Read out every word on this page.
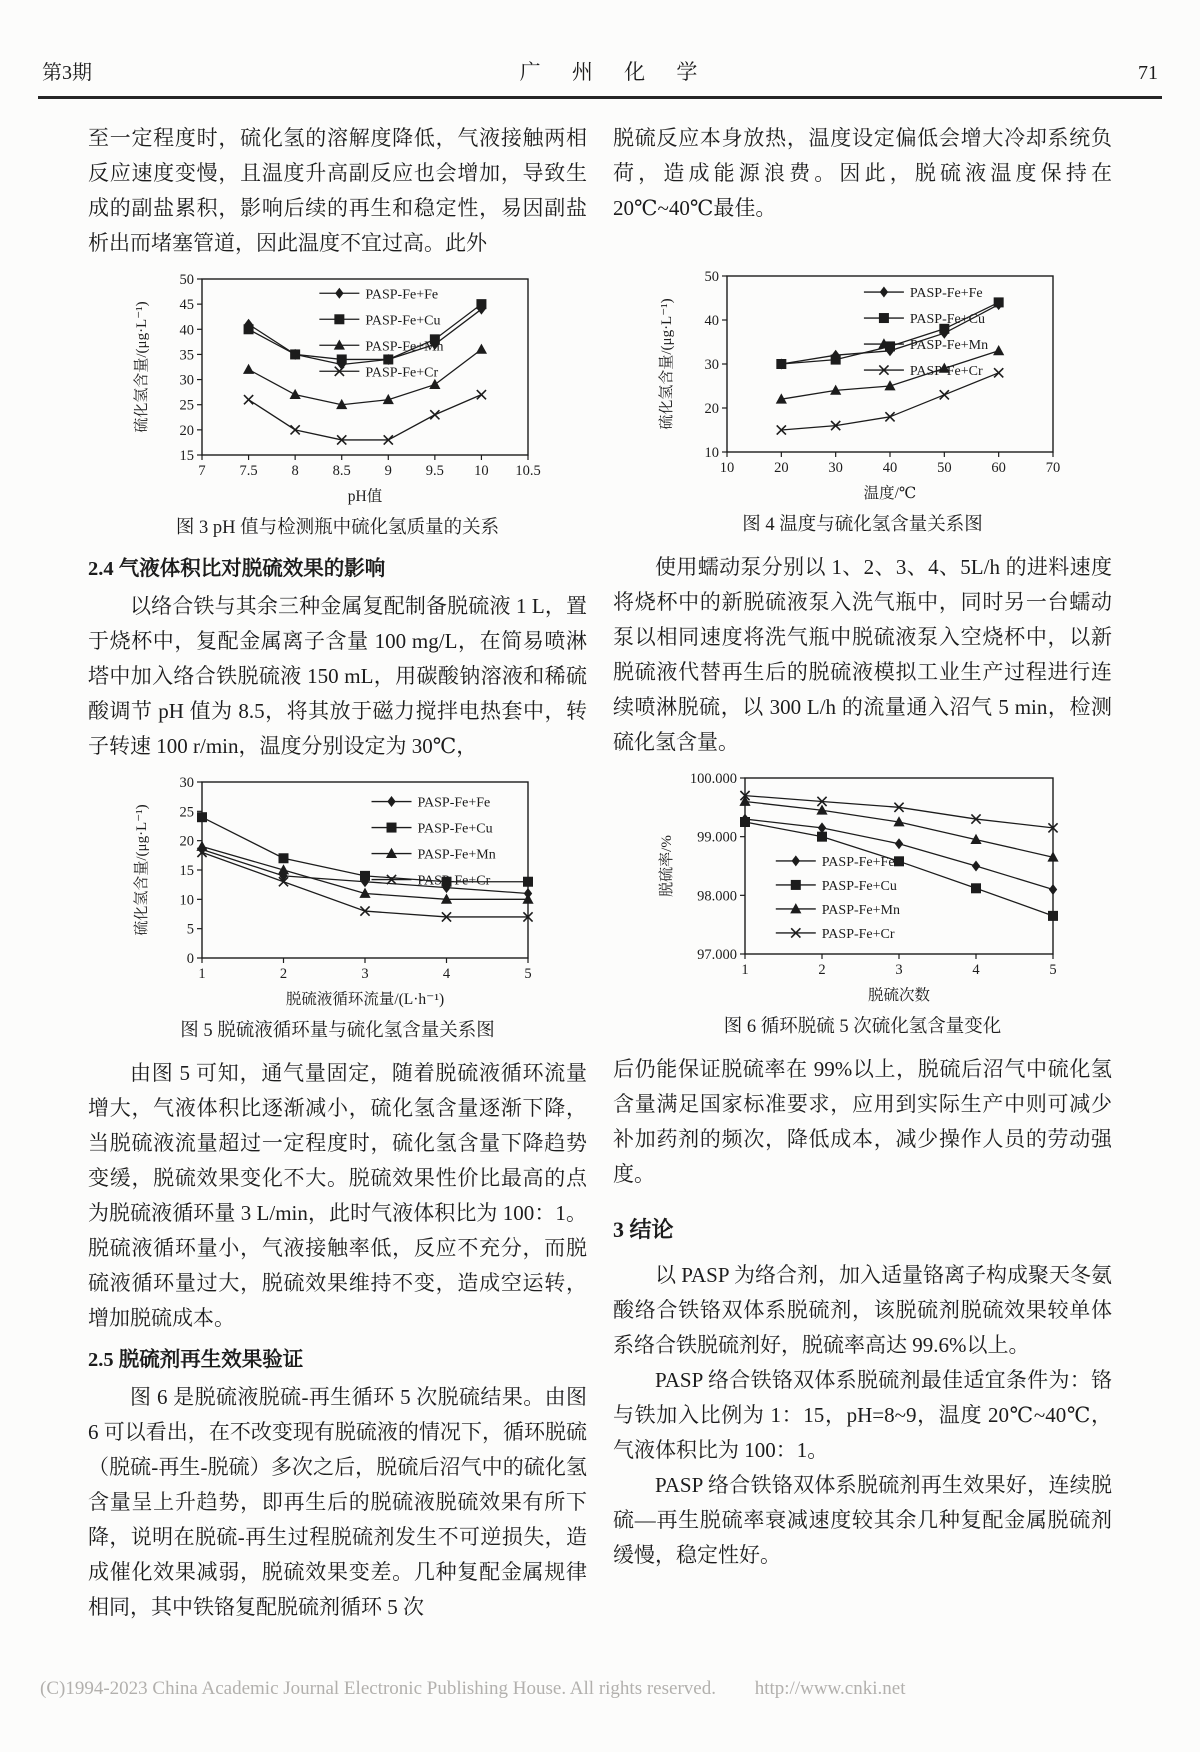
第3期	广 州 化 学	71

至一定程度时，硫化氢的溶解度降低，气液接触两相反应速度变慢，且温度升高副反应也会增加，导致生成的副盐累积，影响后续的再生和稳定性，易因副盐析出而堵塞管道，因此温度不宜过高。此外

7 7.5 8 8.5 9 9.5 10 10.5
15
20
25
30
35
40
45
50
pH值
硫化氢含量/(μg·L⁻¹)
PASP-Fe+Fe
PASP-Fe+Cu
PASP-Fe+Mn
PASP-Fe+Cr
图 3 pH 值与检测瓶中硫化氢质量的关系
2.4 气液体积比对脱硫效果的影响

以络合铁与其余三种金属复配制备脱硫液 1 L，置于烧杯中，复配金属离子含量 100 mg/L，在简易喷淋塔中加入络合铁脱硫液 150 mL，用碳酸钠溶液和稀硫酸调节 pH 值为 8.5，将其放于磁力搅拌电热套中，转子转速 100 r/min，温度分别设定为 30℃，

1	2	3	4	5
0
5
10
15
20
25
30
脱硫液循环流量/(L·h⁻¹)
硫化氢含量/(μg·L⁻¹)
PASP-Fe+Fe
PASP-Fe+Cu
PASP-Fe+Mn
PASP-Fe+Cr
图 5 脱硫液循环量与硫化氢含量关系图

由图 5 可知，通气量固定，随着脱硫液循环流量增大，气液体积比逐渐减小，硫化氢含量逐渐下降，当脱硫液流量超过一定程度时，硫化氢含量下降趋势变缓，脱硫效果变化不大。脱硫效果性价比最高的点为脱硫液循环量 3 L/min，此时气液体积比为 100：1。脱硫液循环量小，气液接触率低，反应不充分，而脱硫液循环量过大，脱硫效果维持不变，造成空运转，增加脱硫成本。

2.5 脱硫剂再生效果验证

图 6 是脱硫液脱硫-再生循环 5 次脱硫结果。由图 6 可以看出，在不改变现有脱硫液的情况下，循环脱硫（脱硫-再生-脱硫）多次之后，脱硫后沼气中的硫化氢含量呈上升趋势，即再生后的脱硫液脱硫效果有所下降，说明在脱硫-再生过程脱硫剂发生不可逆损失，造成催化效果减弱，脱硫效果变差。几种复配金属规律相同，其中铁铬复配脱硫剂循环 5 次

脱硫反应本身放热，温度设定偏低会增大冷却系统负荷，造成能源浪费。因此，脱硫液温度保持在20℃~40℃最佳。

10	20	30	40	50	60	70
10
20
30
40
50
温度/℃
硫化氢含量/(μg·L⁻¹)
PASP-Fe+Fe
PASP-Fe+Cu
PASP-Fe+Mn
PASP-Fe+Cr
图 4 温度与硫化氢含量关系图

使用蠕动泵分别以 1、2、3、4、5L/h 的进料速度将烧杯中的新脱硫液泵入洗气瓶中，同时另一台蠕动泵以相同速度将洗气瓶中脱硫液泵入空烧杯中，以新脱硫液代替再生后的脱硫液模拟工业生产过程进行连续喷淋脱硫，以 300 L/h 的流量通入沼气 5 min，检测硫化氢含量。

1	2	3	4	5
97.000
98.000
99.000
100.000
脱硫次数
脱硫率/%	PASP-Fe+Fe
PASP-Fe+Cu
PASP-Fe+Mn
PASP-Fe+Cr
图 6 循环脱硫 5 次硫化氢含量变化

后仍能保证脱硫率在 99%以上，脱硫后沼气中硫化氢含量满足国家标准要求，应用到实际生产中则可减少补加药剂的频次，降低成本，减少操作人员的劳动强度。

3 结论

以 PASP 为络合剂，加入适量铬离子构成聚天冬氨酸络合铁铬双体系脱硫剂，该脱硫剂脱硫效果较单体系络合铁脱硫剂好，脱硫率高达 99.6%以上。

PASP 络合铁铬双体系脱硫剂最佳适宜条件为：铬与铁加入比例为 1：15，pH=8~9，温度 20℃~40℃，气液体积比为 100：1。

PASP 络合铁铬双体系脱硫剂再生效果好，连续脱硫—再生脱硫率衰减速度较其余几种复配金属脱硫剂缓慢，稳定性好。

(C)1994-2023 China Academic Journal Electronic Publishing House. All rights reserved. http://www.cnki.net
